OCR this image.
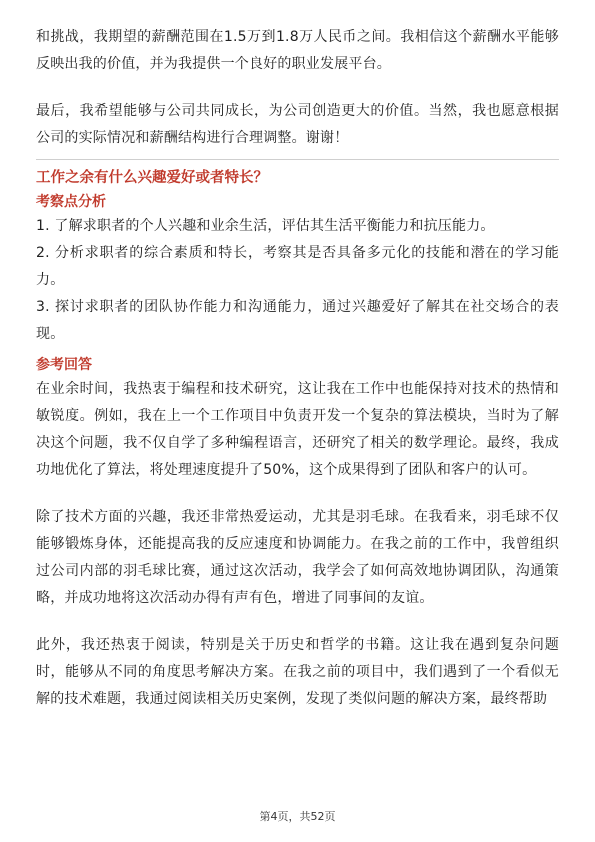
和挑战，我期望的薪酬范围在1.5万到1.8万人民币之间。我相信这个薪酬水平能够反映出我的价值，并为我提供一个良好的职业发展平台。

最后，我希望能够与公司共同成长，为公司创造更大的价值。当然，我也愿意根据公司的实际情况和薪酬结构进行合理调整。谢谢！

工作之余有什么兴趣爱好或者特长？

考察点分析

1. 了解求职者的个人兴趣和业余生活，评估其生活平衡能力和抗压能力。

2. 分析求职者的综合素质和特长，考察其是否具备多元化的技能和潜在的学习能力。

3. 探讨求职者的团队协作能力和沟通能力，通过兴趣爱好了解其在社交场合的表现。

参考回答

在业余时间，我热衷于编程和技术研究，这让我在工作中也能保持对技术的热情和敏锐度。例如，我在上一个工作项目中负责开发一个复杂的算法模块，当时为了解决这个问题，我不仅自学了多种编程语言，还研究了相关的数学理论。最终，我成功地优化了算法，将处理速度提升了50%，这个成果得到了团队和客户的认可。

除了技术方面的兴趣，我还非常热爱运动，尤其是羽毛球。在我看来，羽毛球不仅能够锻炼身体，还能提高我的反应速度和协调能力。在我之前的工作中，我曾组织过公司内部的羽毛球比赛，通过这次活动，我学会了如何高效地协调团队，沟通策略，并成功地将这次活动办得有声有色，增进了同事间的友谊。

此外，我还热衷于阅读，特别是关于历史和哲学的书籍。这让我在遇到复杂问题时，能够从不同的角度思考解决方案。在我之前的项目中，我们遇到了一个看似无解的技术难题，我通过阅读相关历史案例，发现了类似问题的解决方案，最终帮助

第4页，共52页
